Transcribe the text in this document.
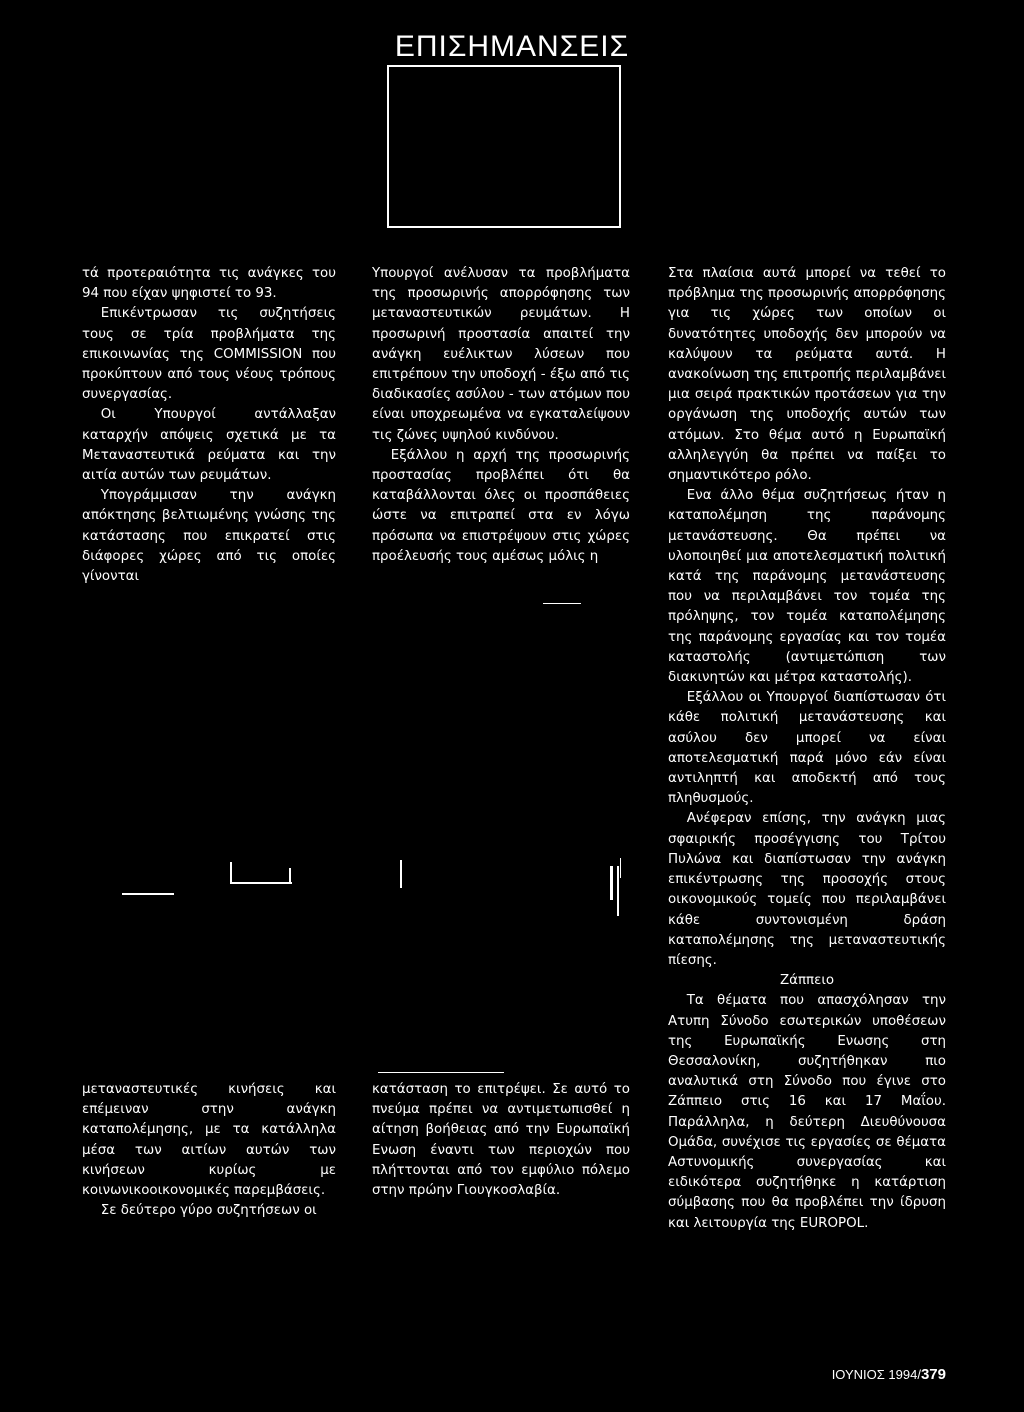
ΕΠΙΣΗΜΑΝΣΕΙΣ

τά προτεραιότητα τις ανάγκες του 94 που είχαν ψηφιστεί το 93.

Επικέντρωσαν τις συζητήσεις τους σε τρία προβλήματα της επικοινωνίας της COMMISSION που προκύπτουν από τους νέους τρόπους συνεργασίας.

Οι Υπουργοί αντάλλαξαν καταρχήν απόψεις σχετικά με τα Μεταναστευτικά ρεύματα και την αιτία αυτών των ρευμάτων.

Υπογράμμισαν την ανάγκη απόκτησης βελτιωμένης γνώσης της κατάστασης που επικρατεί στις διάφορες χώρες από τις οποίες γίνονται

μεταναστευτικές κινήσεις και επέμειναν στην ανάγκη καταπολέμησης, με τα κατάλληλα μέσα των αιτίων αυτών των κινήσεων κυρίως με κοινωνικοοικονομικές παρεμβάσεις.

Σε δεύτερο γύρο συζητήσεων οι

Υπουργοί ανέλυσαν τα προβλήματα της προσωρινής απορρόφησης των μεταναστευτικών ρευμάτων. Η προσωρινή προστασία απαιτεί την ανάγκη ευέλικτων λύσεων που επιτρέπουν την υποδοχή - έξω από τις διαδικασίες ασύλου - των ατόμων που είναι υποχρεωμένα να εγκαταλείψουν τις ζώνες υψηλού κινδύνου.

Εξάλλου η αρχή της προσωρινής προστασίας προβλέπει ότι θα καταβάλλονται όλες οι προσπάθειες ώστε να επιτραπεί στα εν λόγω πρόσωπα να επιστρέψουν στις χώρες προέλευσής τους αμέσως μόλις η

κατάσταση το επιτρέψει. Σε αυτό το πνεύμα πρέπει να αντιμετωπισθεί η αίτηση βοήθειας από την Ευρωπαϊκή Ενωση έναντι των περιοχών που πλήττονται από τον εμφύλιο πόλεμο στην πρώην Γιουγκοσλαβία.

Στα πλαίσια αυτά μπορεί να τεθεί το πρόβλημα της προσωρινής απορρόφησης για τις χώρες των οποίων οι δυνατότητες υποδοχής δεν μπορούν να καλύψουν τα ρεύματα αυτά. Η ανακοίνωση της επιτροπής περιλαμβάνει μια σειρά πρακτικών προτάσεων για την οργάνωση της υποδοχής αυτών των ατόμων. Στο θέμα αυτό η Ευρωπαϊκή αλληλεγγύη θα πρέπει να παίξει το σημαντικότερο ρόλο.

Ενα άλλο θέμα συζητήσεως ήταν η καταπολέμηση της παράνομης μετανάστευσης. Θα πρέπει να υλοποιηθεί μια αποτελεσματική πολιτική κατά της παράνομης μετανάστευσης που να περιλαμβάνει τον τομέα της πρόληψης, τον τομέα καταπολέμησης της παράνομης εργασίας και τον τομέα καταστολής (αντιμετώπιση των διακινητών και μέτρα καταστολής).

Εξάλλου οι Υπουργοί διαπίστωσαν ότι κάθε πολιτική μετανάστευσης και ασύλου δεν μπορεί να είναι αποτελεσματική παρά μόνο εάν είναι αντιληπτή και αποδεκτή από τους πληθυσμούς.

Ανέφεραν επίσης, την ανάγκη μιας σφαιρικής προσέγγισης του Τρίτου Πυλώνα και διαπίστωσαν την ανάγκη επικέντρωσης της προσοχής στους οικονομικούς τομείς που περιλαμβάνει κάθε συντονισμένη δράση καταπολέμησης της μεταναστευτικής πίεσης.

Ζάππειο

Τα θέματα που απασχόλησαν την Ατυπη Σύνοδο εσωτερικών υποθέσεων της Ευρωπαϊκής Ενωσης στη Θεσσαλονίκη, συζητήθηκαν πιο αναλυτικά στη Σύνοδο που έγινε στο Ζάππειο στις 16 και 17 Μαΐου. Παράλληλα, η δεύτερη Διευθύνουσα Ομάδα, συνέχισε τις εργασίες σε θέματα Αστυνομικής συνεργασίας και ειδικότερα συζητήθηκε η κατάρτιση σύμβασης που θα προβλέπει την ίδρυση και λειτουργία της EUROPOL.

ΙΟΥΝΙΟΣ 1994/379
